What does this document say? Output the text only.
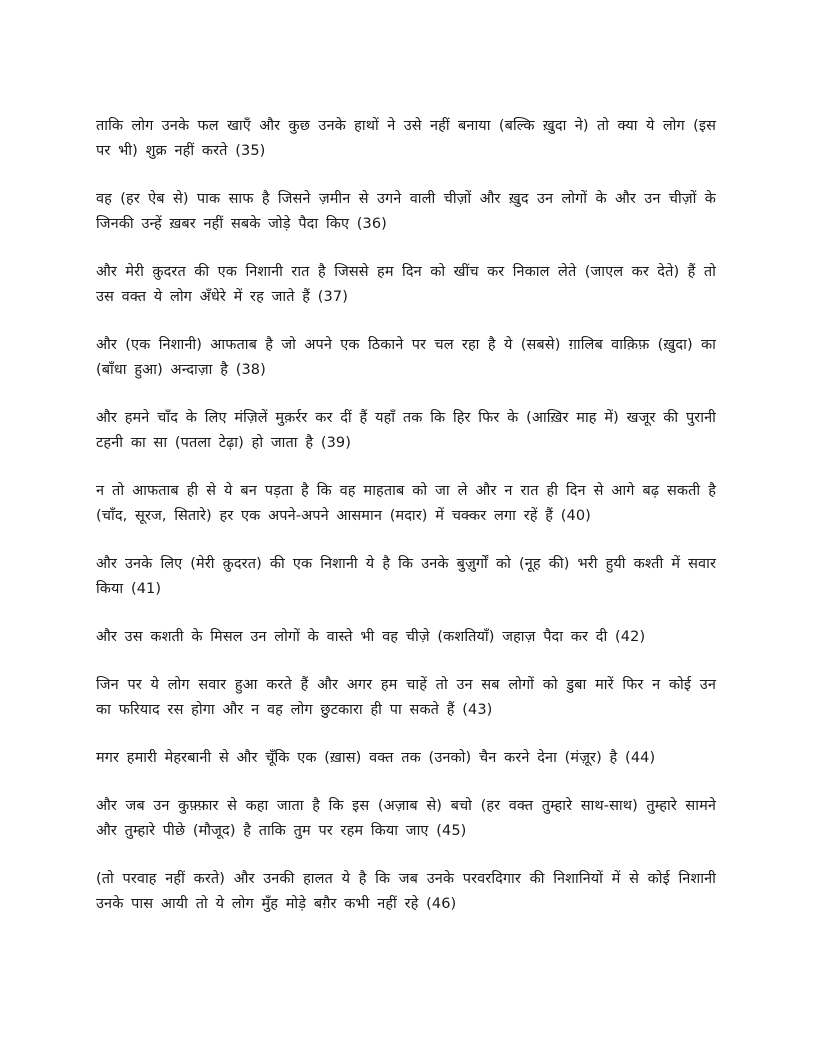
ताकि लोग उनके फल खाएँ और कुछ उनके हाथों ने उसे नहीं बनाया (बल्कि ख़ुदा ने) तो क्या ये लोग (इस पर भी) शुक्र नहीं करते (35)

वह (हर ऐब से) पाक साफ है जिसने ज़मीन से उगने वाली चीज़ों और ख़ुद उन लोगों के और उन चीज़ों के जिनकी उन्हें ख़बर नहीं सबके जोड़े पैदा किए (36)

और मेरी क़ुदरत की एक निशानी रात है जिससे हम दिन को खींच कर निकाल लेते (जाएल कर देते) हैं तो उस वक्त ये लोग अँधेरे में रह जाते हैं (37)

और (एक निशानी) आफताब है जो अपने एक ठिकाने पर चल रहा है ये (सबसे) ग़ालिब वाक़िफ़ (ख़ुदा) का (बाँधा हुआ) अन्दाज़ा है (38)

और हमने चाँद के लिए मंज़िलें मुक़र्रर कर दीं हैं यहाँ तक कि हिर फिर के (आख़िर माह में) खजूर की पुरानी टहनी का सा (पतला टेढ़ा) हो जाता है (39)

न तो आफताब ही से ये बन पड़ता है कि वह माहताब को जा ले और न रात ही दिन से आगे बढ़ सकती है (चाँद, सूरज, सितारे) हर एक अपने-अपने आसमान (मदार) में चक्कर लगा रहें हैं (40)

और उनके लिए (मेरी क़ुदरत) की एक निशानी ये है कि उनके बुज़ुर्गों को (नूह की) भरी हुयी कश्ती में सवार किया (41)

और उस कशती के मिसल उन लोगों के वास्ते भी वह चीज़े (कशतियाँ) जहाज़ पैदा कर दी (42)

जिन पर ये लोग सवार हुआ करते हैं और अगर हम चाहें तो उन सब लोगों को डुबा मारें फिर न कोई उन का फरियाद रस होगा और न वह लोग छुटकारा ही पा सकते हैं (43)

मगर हमारी मेहरबानी से और चूँकि एक (ख़ास) वक्त तक (उनको) चैन करने देना (मंज़ूर) है (44)

और जब उन कुफ़्फ़ार से कहा जाता है कि इस (अज़ाब से) बचो (हर वक्त तुम्हारे साथ-साथ) तुम्हारे सामने और तुम्हारे पीछे (मौजूद) है ताकि तुम पर रहम किया जाए (45)

(तो परवाह नहीं करते) और उनकी हालत ये है कि जब उनके परवरदिगार की निशानियों में से कोई निशानी उनके पास आयी तो ये लोग मुँह मोड़े बग़ैर कभी नहीं रहे (46)
